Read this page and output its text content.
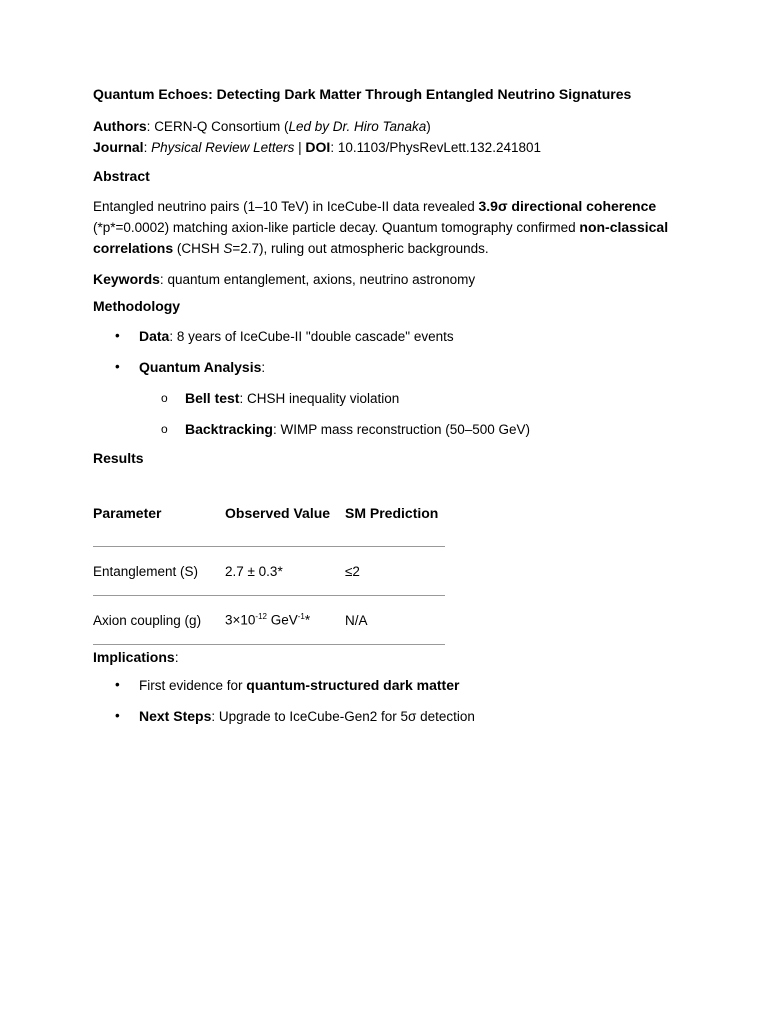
Quantum Echoes: Detecting Dark Matter Through Entangled Neutrino Signatures
Authors: CERN-Q Consortium (Led by Dr. Hiro Tanaka)
Journal: Physical Review Letters | DOI: 10.1103/PhysRevLett.132.241801
Abstract
Entangled neutrino pairs (1–10 TeV) in IceCube-II data revealed 3.9σ directional coherence (*p*=0.0002) matching axion-like particle decay. Quantum tomography confirmed non-classical correlations (CHSH S=2.7), ruling out atmospheric backgrounds.
Keywords: quantum entanglement, axions, neutrino astronomy
Methodology
• Data: 8 years of IceCube-II "double cascade" events
• Quantum Analysis:
o Bell test: CHSH inequality violation
o Backtracking: WIMP mass reconstruction (50–500 GeV)
Results
Parameter	Observed Value	SM Prediction
Entanglement (S)	2.7 ± 0.3*	≤2
Axion coupling (g)	$3\times 10^{-12}$ GeV$^{-1}$*	N/A
Implications:
• First evidence for quantum-structured dark matter
• Next Steps: Upgrade to IceCube-Gen2 for 5σ detection
